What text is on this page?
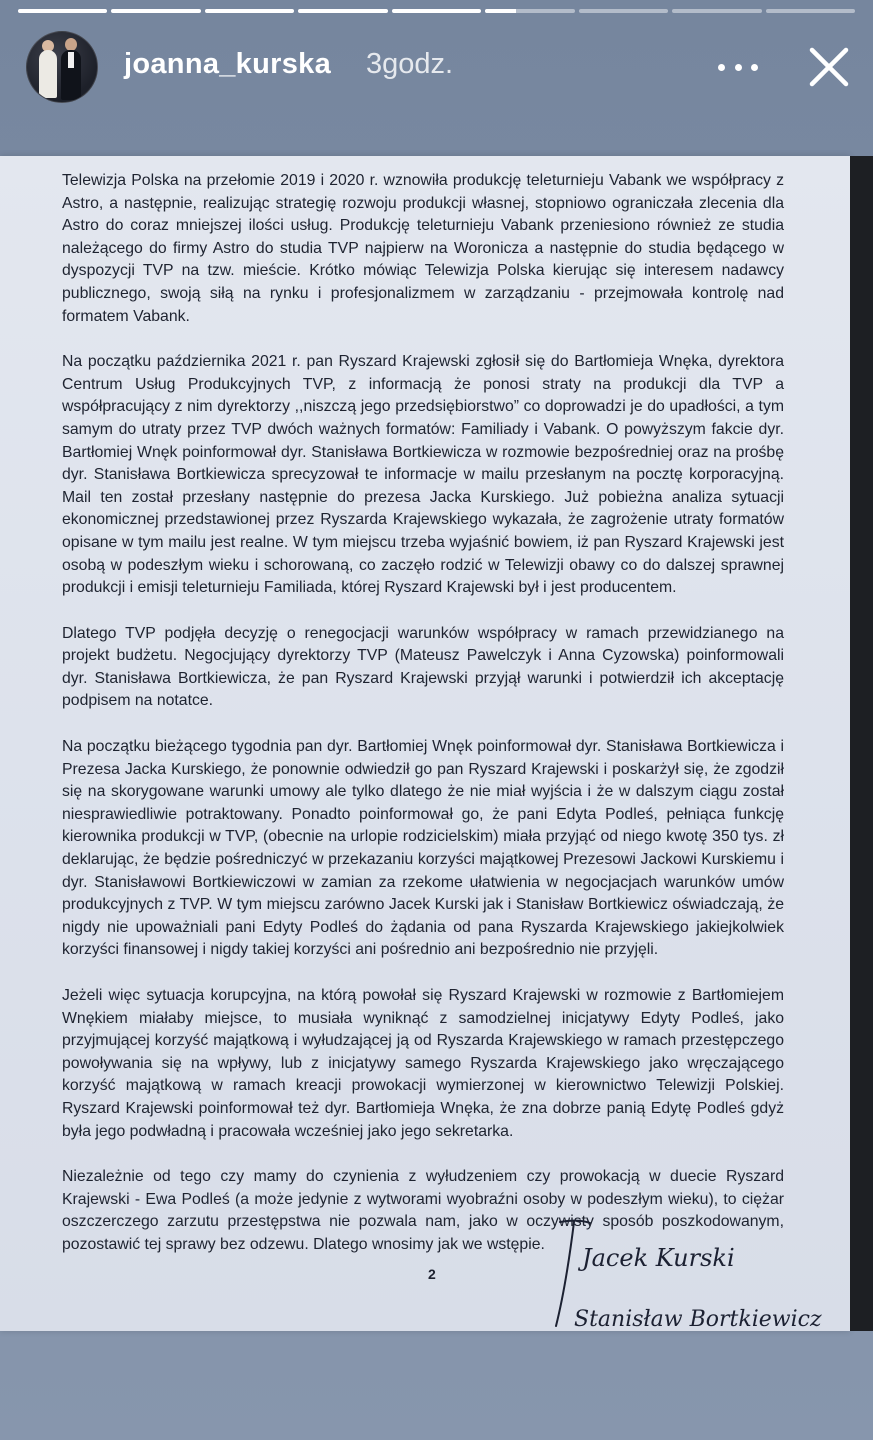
joanna_kurska 3godz.

Telewizja Polska na przełomie 2019 i 2020 r. wznowiła produkcję teleturnieju Vabank we współpracy z Astro, a następnie, realizując strategię rozwoju produkcji własnej, stopniowo ograniczała zlecenia dla Astro do coraz mniejszej ilości usług. Produkcję teleturnieju Vabank przeniesiono również ze studia należącego do firmy Astro do studia TVP najpierw na Woronicza a następnie do studia będącego w dyspozycji TVP na tzw. mieście. Krótko mówiąc Telewizja Polska kierując się interesem nadawcy publicznego, swoją siłą na rynku i profesjonalizmem w zarządzaniu - przejmowała kontrolę nad formatem Vabank.

Na początku października 2021 r. pan Ryszard Krajewski zgłosił się do Bartłomieja Wnęka, dyrektora Centrum Usług Produkcyjnych TVP, z informacją że ponosi straty na produkcji dla TVP a współpracujący z nim dyrektorzy ,,niszczą jego przedsiębiorstwo” co doprowadzi je do upadłości, a tym samym do utraty przez TVP dwóch ważnych formatów: Familiady i Vabank. O powyższym fakcie dyr. Bartłomiej Wnęk poinformował dyr. Stanisława Bortkiewicza w rozmowie bezpośredniej oraz na prośbę dyr. Stanisława Bortkiewicza sprecyzował te informacje w mailu przesłanym na pocztę korporacyjną. Mail ten został przesłany następnie do prezesa Jacka Kurskiego. Już pobieżna analiza sytuacji ekonomicznej przedstawionej przez Ryszarda Krajewskiego wykazała, że zagrożenie utraty formatów opisane w tym mailu jest realne. W tym miejscu trzeba wyjaśnić bowiem, iż pan Ryszard Krajewski jest osobą w podeszłym wieku i schorowaną, co zaczęło rodzić w Telewizji obawy co do dalszej sprawnej produkcji i emisji teleturnieju Familiada, której Ryszard Krajewski był i jest producentem.

Dlatego TVP podjęła decyzję o renegocjacji warunków współpracy w ramach przewidzianego na projekt budżetu. Negocjujący dyrektorzy TVP (Mateusz Pawelczyk i Anna Cyzowska) poinformowali dyr. Stanisława Bortkiewicza, że pan Ryszard Krajewski przyjął warunki i potwierdził ich akceptację podpisem na notatce.

Na początku bieżącego tygodnia pan dyr. Bartłomiej Wnęk poinformował dyr. Stanisława Bortkiewicza i Prezesa Jacka Kurskiego, że ponownie odwiedził go pan Ryszard Krajewski i poskarżył się, że zgodził się na skorygowane warunki umowy ale tylko dlatego że nie miał wyjścia i że w dalszym ciągu został niesprawiedliwie potraktowany. Ponadto poinformował go, że pani Edyta Podleś, pełniąca funkcję kierownika produkcji w TVP, (obecnie na urlopie rodzicielskim) miała przyjąć od niego kwotę 350 tys. zł deklarując, że będzie pośredniczyć w przekazaniu korzyści majątkowej Prezesowi Jackowi Kurskiemu i dyr. Stanisławowi Bortkiewiczowi w zamian za rzekome ułatwienia w negocjacjach warunków umów produkcyjnych z TVP. W tym miejscu zarówno Jacek Kurski jak i Stanisław Bortkiewicz oświadczają, że nigdy nie upoważniali pani Edyty Podleś do żądania od pana Ryszarda Krajewskiego jakiejkolwiek korzyści finansowej i nigdy takiej korzyści ani pośrednio ani bezpośrednio nie przyjęli.

Jeżeli więc sytuacja korupcyjna, na którą powołał się Ryszard Krajewski w rozmowie z Bartłomiejem Wnękiem miałaby miejsce, to musiała wyniknąć z samodzielnej inicjatywy Edyty Podleś, jako przyjmującej korzyść majątkową i wyłudzającej ją od Ryszarda Krajewskiego w ramach przestępczego powoływania się na wpływy, lub z inicjatywy samego Ryszarda Krajewskiego jako wręczającego korzyść majątkową w ramach kreacji prowokacji wymierzonej w kierownictwo Telewizji Polskiej. Ryszard Krajewski poinformował też dyr. Bartłomieja Wnęka, że zna dobrze panią Edytę Podleś gdyż była jego podwładną i pracowała wcześniej jako jego sekretarka.

Niezależnie od tego czy mamy do czynienia z wyłudzeniem czy prowokacją w duecie Ryszard Krajewski - Ewa Podleś (a może jedynie z wytworami wyobraźni osoby w podeszłym wieku), to ciężar oszczerczego zarzutu przestępstwa nie pozwala nam, jako w oczywisty sposób poszkodowanym, pozostawić tej sprawy bez odzewu. Dlatego wnosimy jak we wstępie.

2
Jacek Kurski
Stanisław Bortkiewicz
